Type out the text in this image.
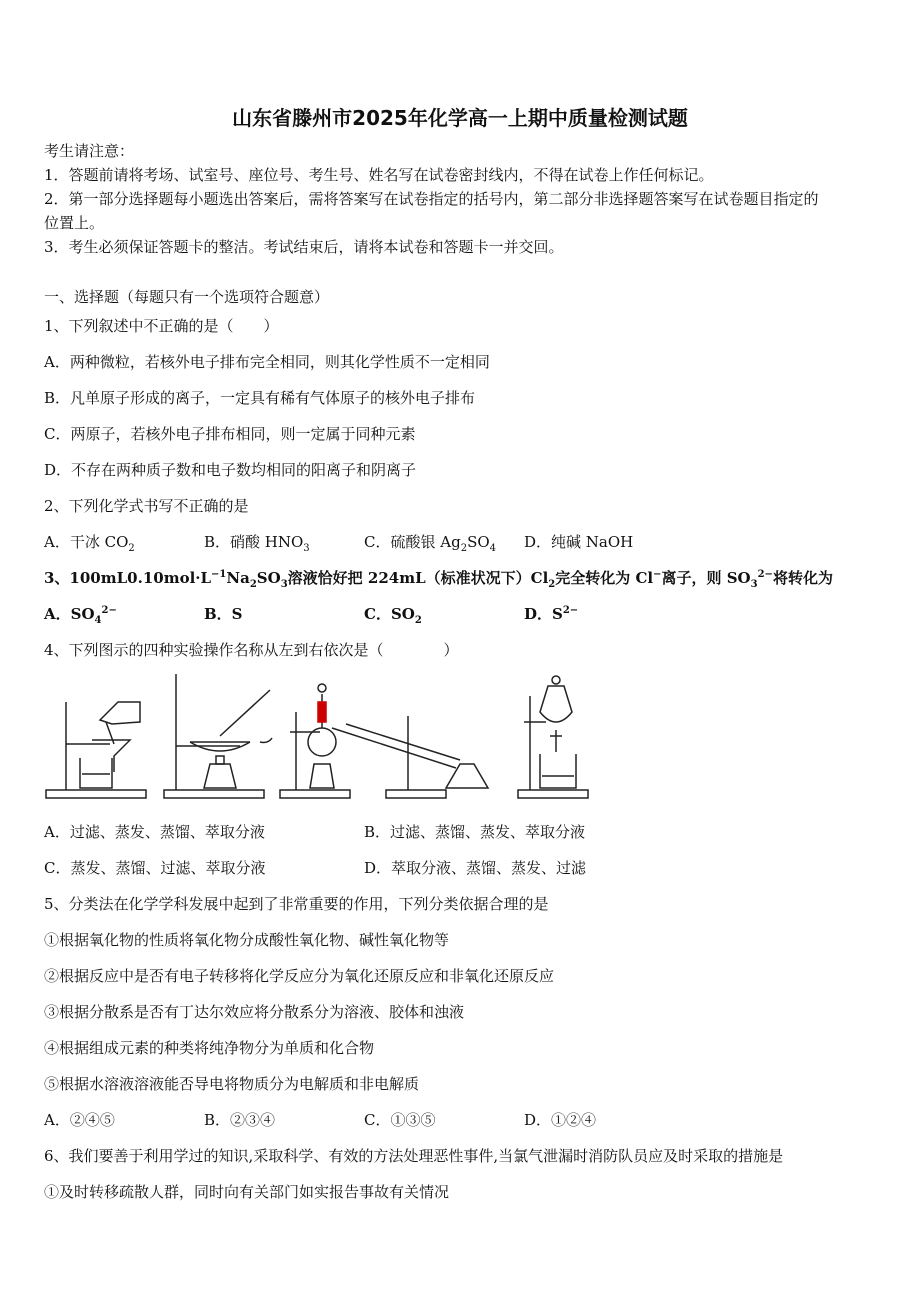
山东省滕州市2025年化学高一上期中质量检测试题
考生请注意：
1．答题前请将考场、试室号、座位号、考生号、姓名写在试卷密封线内，不得在试卷上作任何标记。
2．第一部分选择题每小题选出答案后，需将答案写在试卷指定的括号内，第二部分非选择题答案写在试卷题目指定的
位置上。
3．考生必须保证答题卡的整洁。考试结束后，请将本试卷和答题卡一并交回。
一、选择题（每题只有一个选项符合题意）
1、下列叙述中不正确的是（　　）
A．两种微粒，若核外电子排布完全相同，则其化学性质不一定相同
B．凡单原子形成的离子，一定具有稀有气体原子的核外电子排布
C．两原子，若核外电子排布相同，则一定属于同种元素
D．不存在两种质子数和电子数均相同的阳离子和阴离子
2、下列化学式书写不正确的是
A．干冰 $CO_2$	B．硝酸 $HNO_3$	C．硫酸银 $Ag_2SO_4$ D．纯碱 NaOH
3、$100mL0.10mol\cdot L^{-1}Na_2SO_3$溶液恰好把 224mL（标准状况下）$Cl_2$完全转化为 Cl−离子，则 $SO_3^{2-}$将转化为
A．$SO_4^{2-}$	B．S	C．$SO_2$	D．$S^{2-}$
4、下列图示的四种实验操作名称从左到右依次是（　　　　）
A．过滤、蒸发、蒸馏、萃取分液	B．过滤、蒸馏、蒸发、萃取分液
C．蒸发、蒸馏、过滤、萃取分液	D．萃取分液、蒸馏、蒸发、过滤
5、分类法在化学学科发展中起到了非常重要的作用，下列分类依据合理的是
①根据氧化物的性质将氧化物分成酸性氧化物、碱性氧化物等
②根据反应中是否有电子转移将化学反应分为氧化还原反应和非氧化还原反应
③根据分散系是否有丁达尔效应将分散系分为溶液、胶体和浊液
④根据组成元素的种类将纯净物分为单质和化合物
⑤根据水溶液溶液能否导电将物质分为电解质和非电解质
A．②④⑤	B．②③④	C．①③⑤	D．①②④
6、我们要善于利用学过的知识,采取科学、有效的方法处理恶性事件,当氯气泄漏时消防队员应及时采取的措施是
①及时转移疏散人群，同时向有关部门如实报告事故有关情况
